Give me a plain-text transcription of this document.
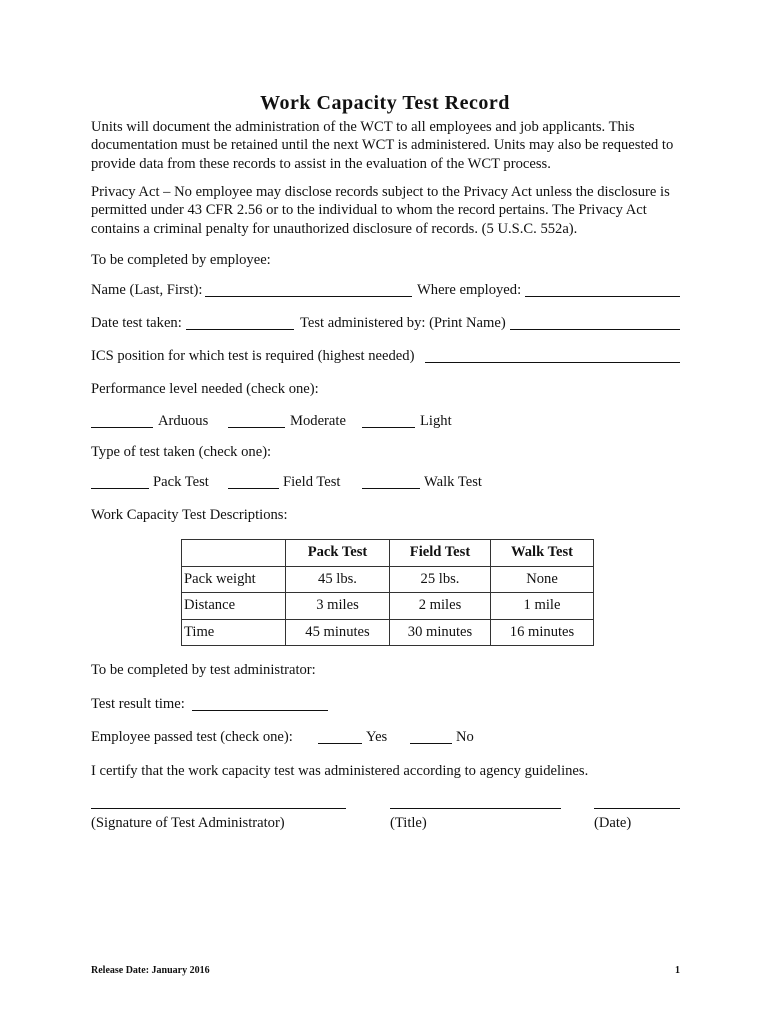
Work Capacity Test Record
Units will document the administration of the WCT to all employees and job applicants. This documentation must be retained until the next WCT is administered. Units may also be requested to provide data from these records to assist in the evaluation of the WCT process.
Privacy Act – No employee may disclose records subject to the Privacy Act unless the disclosure is permitted under 43 CFR 2.56 or to the individual to whom the record pertains. The Privacy Act contains a criminal penalty for unauthorized disclosure of records. (5 U.S.C. 552a).
To be completed by employee:
Name (Last, First):	Where employed:
Date test taken:	Test administered by: (Print Name)
ICS position for which test is required (highest needed)
Performance level needed (check one):
Arduous	Moderate	Light
Type of test taken (check one):
Pack Test	Field Test	Walk Test
Work Capacity Test Descriptions:
	Pack Test	Field Test	Walk Test
Pack weight	45 lbs.	25 lbs.	None
Distance	3 miles	2 miles	1 mile
Time	45 minutes	30 minutes	16 minutes
To be completed by test administrator:
Test result time:
Employee passed test (check one):	Yes	No
I certify that the work capacity test was administered according to agency guidelines.
(Signature of Test Administrator)	(Title)	(Date)
Release Date: January 2016	1
